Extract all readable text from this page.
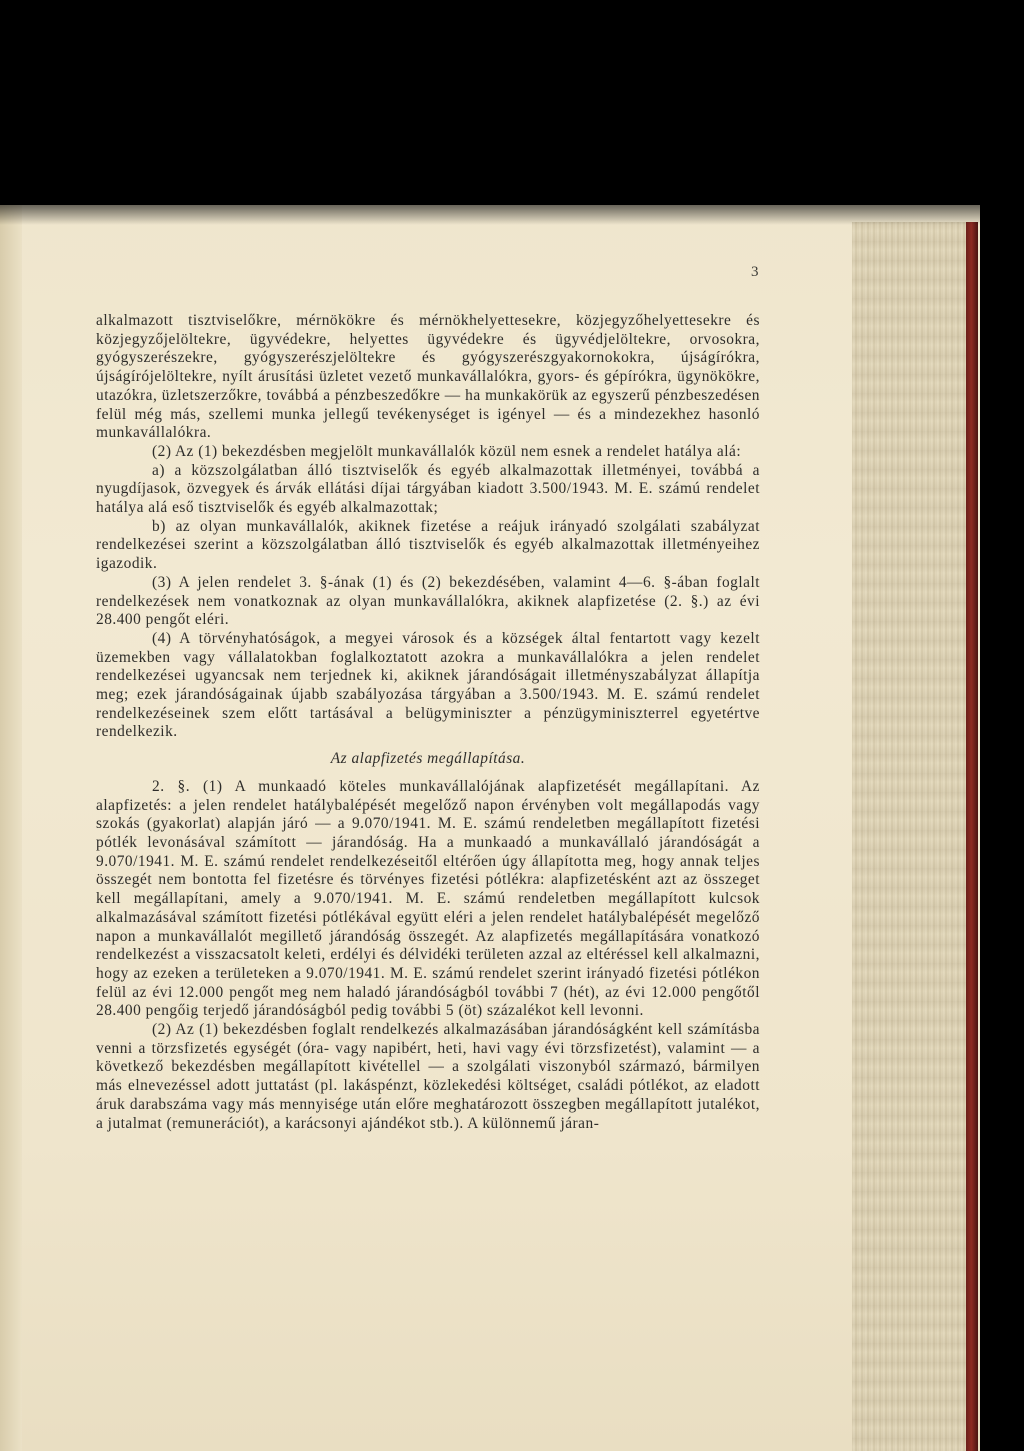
3

alkalmazott tisztviselőkre, mérnökökre és mérnökhelyettesekre, közjegyzőhelyettesekre és közjegyzőjelöltekre, ügyvédekre, helyettes ügyvédekre és ügyvédjelöltekre, orvosokra, gyógyszerészekre, gyógyszerészjelöltekre és gyógyszerészgyakornokokra, újságírókra, újságírójelöltekre, nyílt árusítási üzletet vezető munkavállalókra, gyors- és gépírókra, ügynökökre, utazókra, üzletszerzőkre, továbbá a pénzbeszedőkre — ha munkakörük az egyszerű pénzbeszedésen felül még más, szellemi munka jellegű tevékenységet is igényel — és a mindezekhez hasonló munkavállalókra.

(2) Az (1) bekezdésben megjelölt munkavállalók közül nem esnek a rendelet hatálya alá:

a) a közszolgálatban álló tisztviselők és egyéb alkalmazottak illetményei, továbbá a nyugdíjasok, özvegyek és árvák ellátási díjai tárgyában kiadott 3.500/1943. M. E. számú rendelet hatálya alá eső tisztviselők és egyéb alkalmazottak;

b) az olyan munkavállalók, akiknek fizetése a reájuk irányadó szolgálati szabályzat rendelkezései szerint a közszolgálatban álló tisztviselők és egyéb alkalmazottak illetményeihez igazodik.

(3) A jelen rendelet 3. §-ának (1) és (2) bekezdésében, valamint 4—6. §-ában foglalt rendelkezések nem vonatkoznak az olyan munkavállalókra, akiknek alapfizetése (2. §.) az évi 28.400 pengőt eléri.

(4) A törvényhatóságok, a megyei városok és a községek által fentartott vagy kezelt üzemekben vagy vállalatokban foglalkoztatott azokra a munkavállalókra a jelen rendelet rendelkezései ugyancsak nem terjednek ki, akiknek járandóságait illetményszabályzat állapítja meg; ezek járandóságainak újabb szabályozása tárgyában a 3.500/1943. M. E. számú rendelet rendelkezéseinek szem előtt tartásával a belügyminiszter a pénzügyminiszterrel egyetértve rendelkezik.

Az alapfizetés megállapítása.

2. §. (1) A munkaadó köteles munkavállalójának alapfizetését megállapítani. Az alapfizetés: a jelen rendelet hatálybalépését megelőző napon érvényben volt megállapodás vagy szokás (gyakorlat) alapján járó — a 9.070/1941. M. E. számú rendeletben megállapított fizetési pótlék levonásával számított — járandóság. Ha a munkaadó a munkavállaló járandóságát a 9.070/1941. M. E. számú rendelet rendelkezéseitől eltérően úgy állapította meg, hogy annak teljes összegét nem bontotta fel fizetésre és törvényes fizetési pótlékra: alapfizetésként azt az összeget kell megállapítani, amely a 9.070/1941. M. E. számú rendeletben megállapított kulcsok alkalmazásával számított fizetési pótlékával együtt eléri a jelen rendelet hatálybalépését megelőző napon a munkavállalót megillető járandóság összegét. Az alapfizetés megállapítására vonatkozó rendelkezést a visszacsatolt keleti, erdélyi és délvidéki területen azzal az eltéréssel kell alkalmazni, hogy az ezeken a területeken a 9.070/1941. M. E. számú rendelet szerint irányadó fizetési pótlékon felül az évi 12.000 pengőt meg nem haladó járandóságból további 7 (hét), az évi 12.000 pengőtől 28.400 pengőig terjedő járandóságból pedig további 5 (öt) százalékot kell levonni.

(2) Az (1) bekezdésben foglalt rendelkezés alkalmazásában járandóságként kell számításba venni a törzsfizetés egységét (óra- vagy napibért, heti, havi vagy évi törzsfizetést), valamint — a következő bekezdésben megállapított kivétellel — a szolgálati viszonyból származó, bármilyen más elnevezéssel adott juttatást (pl. lakáspénzt, közlekedési költséget, családi pótlékot, az eladott áruk darabszáma vagy más mennyisége után előre meghatározott összegben megállapított jutalékot, a jutalmat (remunerációt), a karácsonyi ajándékot stb.). A különnemű járan-
